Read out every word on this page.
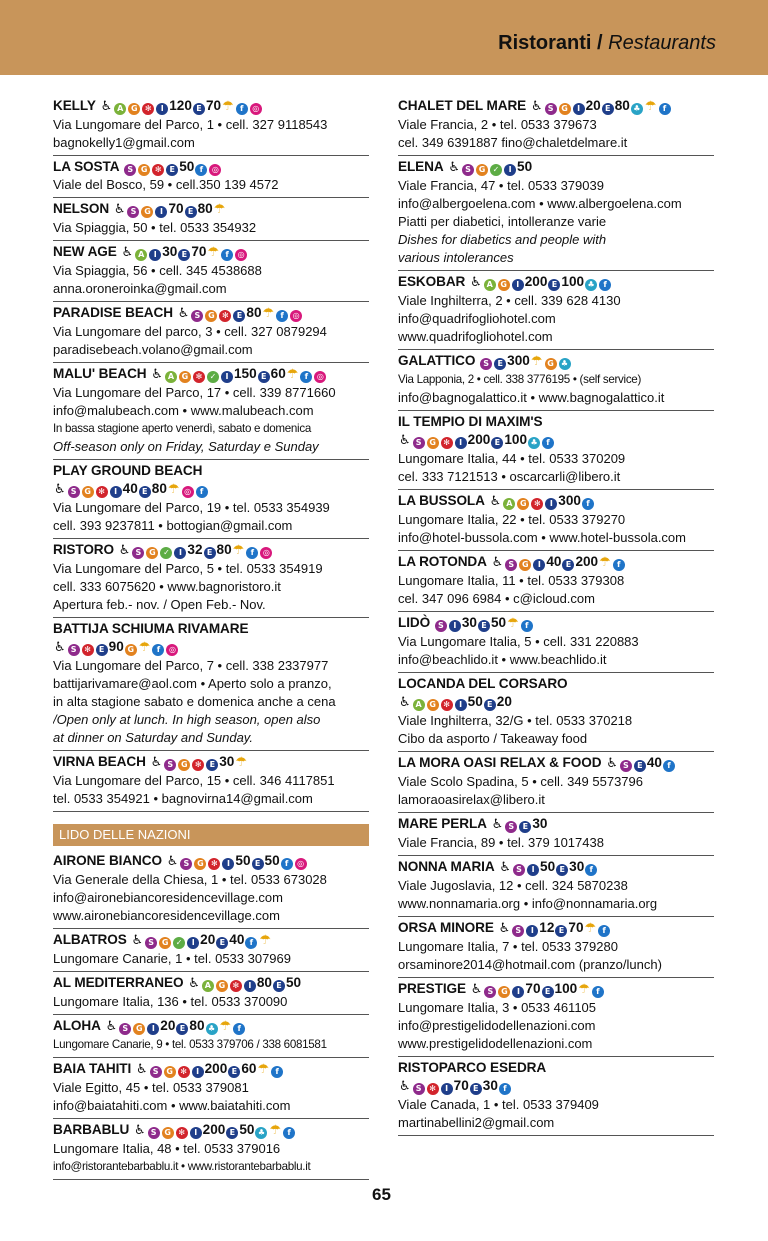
Ristoranti / Restaurants
KELLY ♿ A G ✻ I 120 E 70☂ f ◎
Via Lungomare del Parco, 1 • cell. 327 9118543
bagnokelly1@gmail.com
LA SOSTA S G ✻ E 50 f ◎
Viale del Bosco, 59 • cell.350 139 4572
NELSON ♿ S G I 70 E 80☂
Via Spiaggia, 50 • tel. 0533 354932
NEW AGE ♿ A I 30 E 70☂ f ◎
Via Spiaggia, 56 • cell. 345 4538688
anna.oroneroinka@gmail.com
PARADISE BEACH ♿ S G ✻ E 80☂ f ◎
Via Lungomare del parco, 3 • cell. 327 0879294
paradisebeach.volano@gmail.com
MALU' BEACH ♿ A G ✻ ✓ I 150 E 60☂ f ◎
Via Lungomare del Parco, 17 • cell. 339 8771660
info@malubeach.com • www.malubeach.com
In bassa stagione aperto venerdì, sabato e domenica
Off-season only on Friday, Saturday e Sunday
PLAY GROUND BEACH
♿ S G ✻ I 40 E 80☂ ◎ f
Via Lungomare del Parco, 19 • tel. 0533 354939
cell. 393 9237811 • bottogian@gmail.com
RISTORO ♿ S G ✓ I 32 E 80☂ f ◎
Via Lungomare del Parco, 5 • tel. 0533 354919
cell. 333 6075620 • www.bagnoristoro.it
Apertura feb.- nov. / Open Feb.- Nov.
BATTIJA SCHIUMA RIVAMARE
♿ S ✻ E 90 G ☂ f ◎
Via Lungomare del Parco, 7 • cell. 338 2337977
battijarivamare@aol.com • Aperto solo a pranzo,
in alta stagione sabato e domenica anche a cena
/Open only at lunch. In high season, open also
at dinner on Saturday and Sunday.
VIRNA BEACH ♿ S G ✻ E 30☂
Via Lungomare del Parco, 15 • cell. 346 4117851
tel. 0533 354921 • bagnovirna14@gmail.com
LIDO DELLE NAZIONI
AIRONE BIANCO ♿ S G ✻ I 50 E 50 f ◎
Via Generale della Chiesa, 1 • tel. 0533 673028
info@aironebiancoresidencevillage.com
www.aironebiancoresidencevillage.com
ALBATROS ♿ S G ✓ I 20 E 40 f ☂
Lungomare Canarie, 1 • tel. 0533 307969
AL MEDITERRANEO ♿ A G ✻ I 80 E 50
Lungomare Italia, 136 • tel. 0533 370090
ALOHA ♿ S G I 20 E 80 ♣ ☂ f
Lungomare Canarie, 9 • tel. 0533 379706 / 338 6081581
BAIA TAHITI ♿ S G ✻ I 200 E 60☂ f
Viale Egitto, 45 • tel. 0533 379081
info@baiatahiti.com • www.baiatahiti.com
BARBABLU ♿ S G ✻ I 200 E 50 ♣ ☂ f
Lungomare Italia, 48 • tel. 0533 379016
info@ristorantebarbablu.it • www.ristorantebarbablu.it
CHALET DEL MARE ♿ S G I 20 E 80 ♣ ☂ f
Viale Francia, 2 • tel. 0533 379673
cel. 349 6391887 fino@chaletdelmare.it
ELENA ♿ S G ✓ I 50
Viale Francia, 47 • tel. 0533 379039
info@albergoelena.com • www.albergoelena.com
Piatti per diabetici, intolleranze varie
Dishes for diabetics and people with
various intolerances
ESKOBAR ♿ A G I 200 E 100 ♣ f
Viale Inghilterra, 2 • cell. 339 628 4130
info@quadrifogliohotel.com
www.quadrifogliohotel.com
GALATTICO S E 300☂ G ♣
Via Lapponia, 2 • cell. 338 3776195 • (self service)
info@bagnogalattico.it • www.bagnogalattico.it
IL TEMPIO DI MAXIM'S
♿ S G ✻ I 200 E 100 ♣ f
Lungomare Italia, 44 • tel. 0533 370209
cel. 333 7121513 • oscarcarli@libero.it
LA BUSSOLA ♿ A G ✻ I 300 f
Lungomare Italia, 22 • tel. 0533 379270
info@hotel-bussola.com • www.hotel-bussola.com
LA ROTONDA ♿ S G I 40 E 200☂ f
Lungomare Italia, 11 • tel. 0533 379308
cel. 347 096 6984 • c@icloud.com
LIDÒ S I 30 E 50☂ f
Via Lungomare Italia, 5 • cell. 331 220883
info@beachlido.it • www.beachlido.it
LOCANDA DEL CORSARO
♿ A G ✻ I 50 E 20
Viale Inghilterra, 32/G • tel. 0533 370218
Cibo da asporto / Takeaway food
LA MORA OASI RELAX & FOOD ♿ S E 40 f
Viale Scolo Spadina, 5 • cell. 349 5573796
lamoraoasirelax@libero.it
MARE PERLA ♿ S E 30
Viale Francia, 89 • tel. 379 1017438
NONNA MARIA ♿ S I 50 E 30 f
Viale Jugoslavia, 12 • cell. 324 5870238
www.nonnamaria.org • info@nonnamaria.org
ORSA MINORE ♿ S I 12 E 70☂ f
Lungomare Italia, 7 • tel. 0533 379280
orsaminore2014@hotmail.com (pranzo/lunch)
PRESTIGE ♿ S G I 70 E 100☂ f
Lungomare Italia, 3 • 0533 461105
info@prestigelidodellenazioni.com
www.prestigelidodellenazioni.com
RISTOPARCO ESEDRA
♿ S ✻ I 70 E 30 f
Viale Canada, 1 • tel. 0533 379409
martinabellini2@gmail.com
65
